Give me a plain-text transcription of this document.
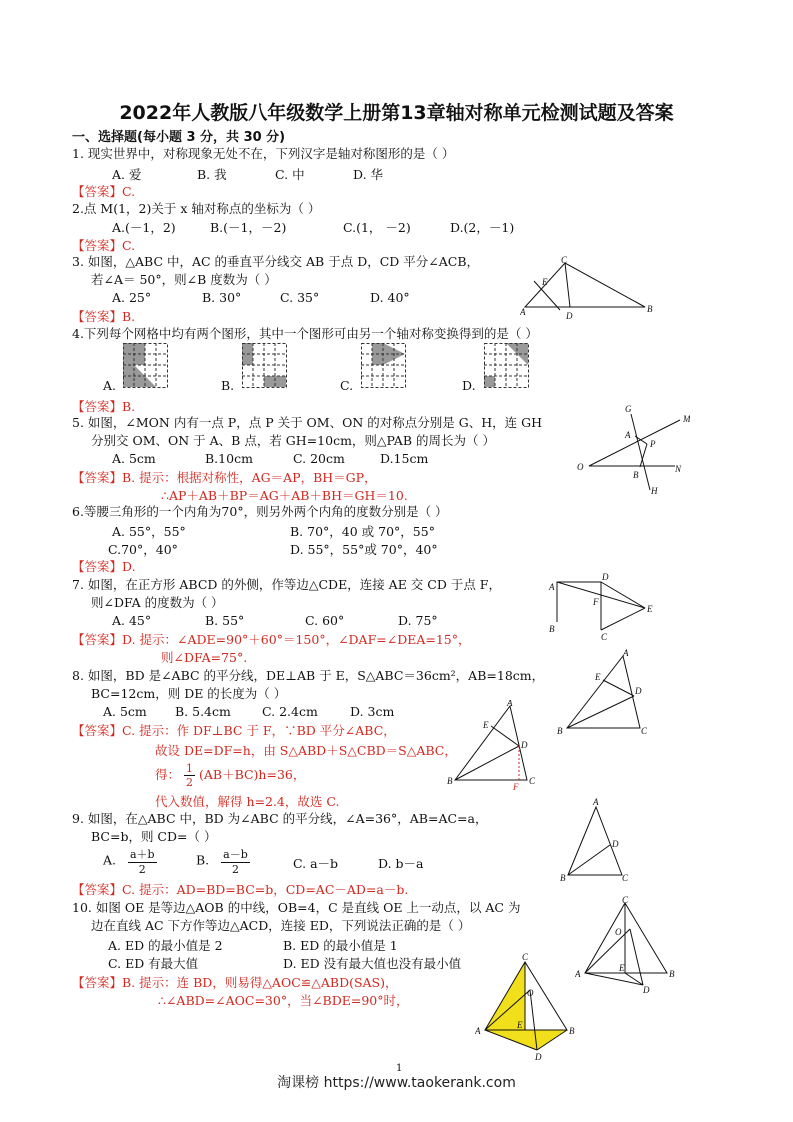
2022年人教版八年级数学上册第13章轴对称单元检测试题及答案
一、选择题(每小题 3 分，共 30 分)
1. 现实世界中，对称现象无处不在，下列汉字是轴对称图形的是（ ）
A. 爱	B. 我	C. 中	D. 华
【答案】C.
2.点 M(1，2)关于 x 轴对称点的坐标为（ ）
A.(－1，2)	B.(－1，－2)	C.(1， －2)	D.(2，－1)
【答案】C.
3. 如图，△ABC 中，AC 的垂直平分线交 AB 于点 D，CD 平分∠ACB，
若∠A＝ 50°，则∠B 度数为（ ）
A. 25°	B. 30°	C. 35°	D. 40°
【答案】B.
C
A	B
D
E
4.下列每个网格中均有两个图形，其中一个图形可由另一个轴对称变换得到的是（ ）
A.	B.	C.	D.
【答案】B.
5. 如图，∠MON 内有一点 P，点 P 关于 OM、ON 的对称点分别是 G、H，连 GH
分别交 OM、ON 于 A、B 点，若 GH=10cm，则△PAB 的周长为（ ）
A. 5cm	B.10cm	C. 20cm	D.15cm
【答案】B. 提示：根据对称性，AG＝AP，BH＝GP，
∴AP＋AB＋BP＝AG＋AB＋BH＝GH＝10.
G
M
A
P
O	N
B
H
6.等腰三角形的一个内角为70°，则另外两个内角的度数分别是（ ）
A. 55°，55°	B. 70°，40 或 70°，55°
C.70°，40°	D. 55°，55°或 70°，40°
【答案】D.
7. 如图，在正方形 ABCD 的外侧，作等边△CDE，连接 AE 交 CD 于点 F，
则∠DFA 的度数为（ ）
A. 45°	B. 55°	C. 60°	D. 75°
【答案】D. 提示：∠ADE=90°＋60°＝150°，∠DAF=∠DEA=15°，
则∠DFA=75°.
A
D
F
E
B
C
8. 如图，BD 是∠ABC 的平分线，DE⊥AB 于 E，S△ABC＝36cm²，AB=18cm，
BC=12cm，则 DE 的长度为（ ）
A. 5cm B. 5.4cm C. 2.4cm	D. 3cm
【答案】C. 提示：作 DF⊥BC 于 F，∵BD 平分∠ABC，
故设 DE=DF=h，由 S△ABD＋S△CBD＝S△ABC，
得： $\frac{1}{2} (AB+BC)h=36$，
代入数值，解得 h=2.4，故选 C.
A
E
D
B	C
A
E
D
B	C
F
9. 如图，在△ABC 中，BD 为∠ABC 的平分线，∠A=36°，AB=AC=a，
BC=b，则 CD=（ ）
A. $\frac{a+b}{2}$	B. $\frac{a-b}{2}$	C. a－b	D. b－a
【答案】C. 提示：AD=BD=BC=b，CD=AC－AD=a－b.
A
D
B	C
10. 如图 OE 是等边△AOB 的中线，OB=4，C 是直线 OE 上一动点，以 AC 为
边在直线 AC 下方作等边△ACD，连接 ED，下列说法正确的是（ ）
A. ED 的最小值是 2	B. ED 的最小值是 1
C. ED 有最大值	D. ED 没有最大值也没有最小值
【答案】B. 提示：连 BD，则易得△AOC≌△ABD(SAS)，
∴∠ABD=∠AOC=30°，当∠BDE=90°时，
C
O
A
E
B
D
C
O
A
E
B
D
1
淘课榜 https://www.taokerank.com
